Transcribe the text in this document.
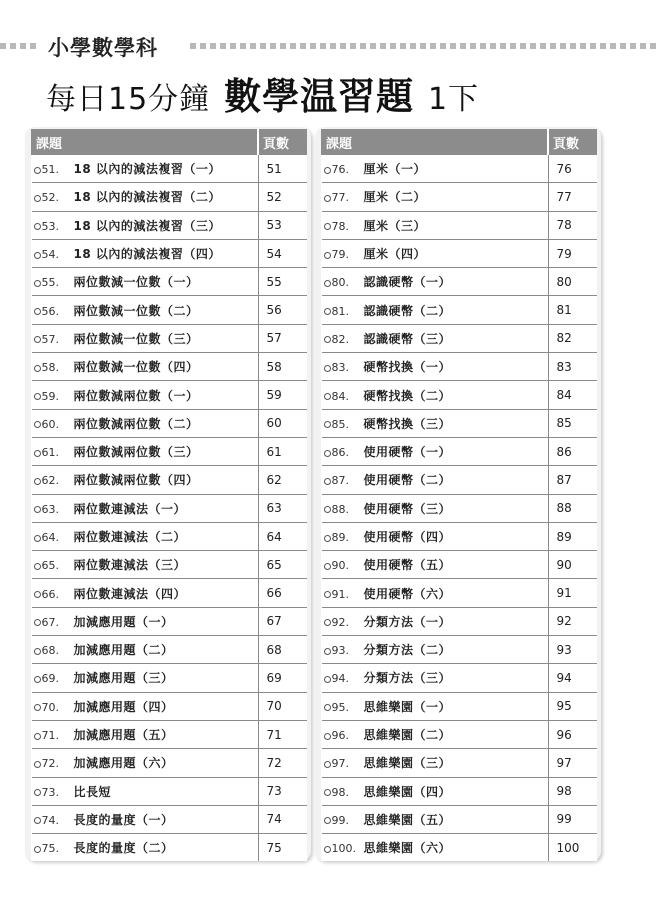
小學數學科
每日15分鐘 數學温習題 1下
課題	頁數
51. 18 以內的減法複習（一）	51
52. 18 以內的減法複習（二）	52
53. 18 以內的減法複習（三）	53
54. 18 以內的減法複習（四）	54
55. 兩位數減一位數（一）	55
56. 兩位數減一位數（二）	56
57. 兩位數減一位數（三）	57
58. 兩位數減一位數（四）	58
59. 兩位數減兩位數（一）	59
60. 兩位數減兩位數（二）	60
61. 兩位數減兩位數（三）	61
62. 兩位數減兩位數（四）	62
63. 兩位數連減法（一）	63
64. 兩位數連減法（二）	64
65. 兩位數連減法（三）	65
66. 兩位數連減法（四）	66
67. 加減應用題（一）	67
68. 加減應用題（二）	68
69. 加減應用題（三）	69
70. 加減應用題（四）	70
71. 加減應用題（五）	71
72. 加減應用題（六）	72
73. 比長短	73
74. 長度的量度（一）	74
75. 長度的量度（二）	75
課題	頁數
76. 厘米（一）	76
77. 厘米（二）	77
78. 厘米（三）	78
79. 厘米（四）	79
80. 認識硬幣（一）	80
81. 認識硬幣（二）	81
82. 認識硬幣（三）	82
83. 硬幣找換（一）	83
84. 硬幣找換（二）	84
85. 硬幣找換（三）	85
86. 使用硬幣（一）	86
87. 使用硬幣（二）	87
88. 使用硬幣（三）	88
89. 使用硬幣（四）	89
90. 使用硬幣（五）	90
91. 使用硬幣（六）	91
92. 分類方法（一）	92
93. 分類方法（二）	93
94. 分類方法（三）	94
95. 思維樂園（一）	95
96. 思維樂園（二）	96
97. 思維樂園（三）	97
98. 思維樂園（四）	98
99. 思維樂園（五）	99
100. 思維樂園（六）	100
